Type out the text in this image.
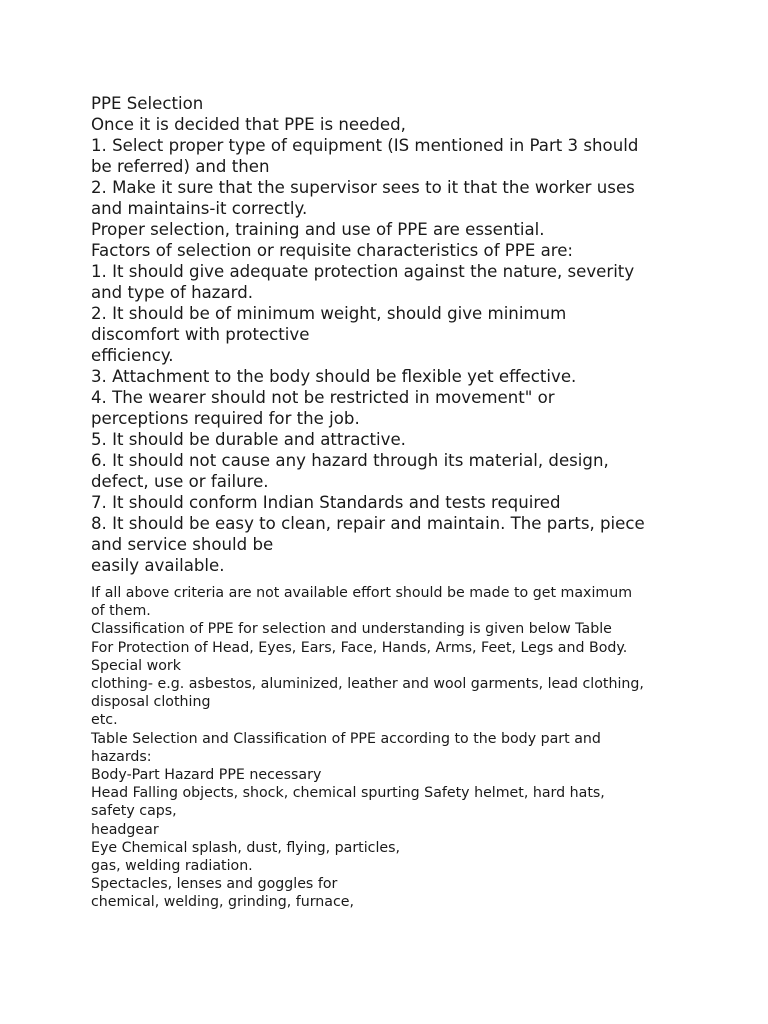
PPE Selection
Once it is decided that PPE is needed,
1. Select proper type of equipment (IS mentioned in Part 3 should
be referred) and then
2. Make it sure that the supervisor sees to it that the worker uses
and maintains-it correctly.
Proper selection, training and use of PPE are essential.
Factors of selection or requisite characteristics of PPE are:
1. It should give adequate protection against the nature, severity
and type of hazard.
2. It should be of minimum weight, should give minimum
discomfort with protective
efficiency.
3. Attachment to the body should be flexible yet effective.
4. The wearer should not be restricted in movement" or
perceptions required for the job.
5. It should be durable and attractive.
6. It should not cause any hazard through its material, design,
defect, use or failure.
7. It should conform Indian Standards and tests required
8. It should be easy to clean, repair and maintain. The parts, piece
and service should be
easily available.
If all above criteria are not available effort should be made to get maximum
of them.
Classification of PPE for selection and understanding is given below Table
For Protection of Head, Eyes, Ears, Face, Hands, Arms, Feet, Legs and Body.
Special work
clothing- e.g. asbestos, aluminized, leather and wool garments, lead clothing,
disposal clothing
etc.
Table Selection and Classification of PPE according to the body part and
hazards:
Body-Part Hazard PPE necessary
Head Falling objects, shock, chemical spurting Safety helmet, hard hats,
safety caps,
headgear
Eye Chemical splash, dust, flying, particles,
gas, welding radiation.
Spectacles, lenses and goggles for
chemical, welding, grinding, furnace,
